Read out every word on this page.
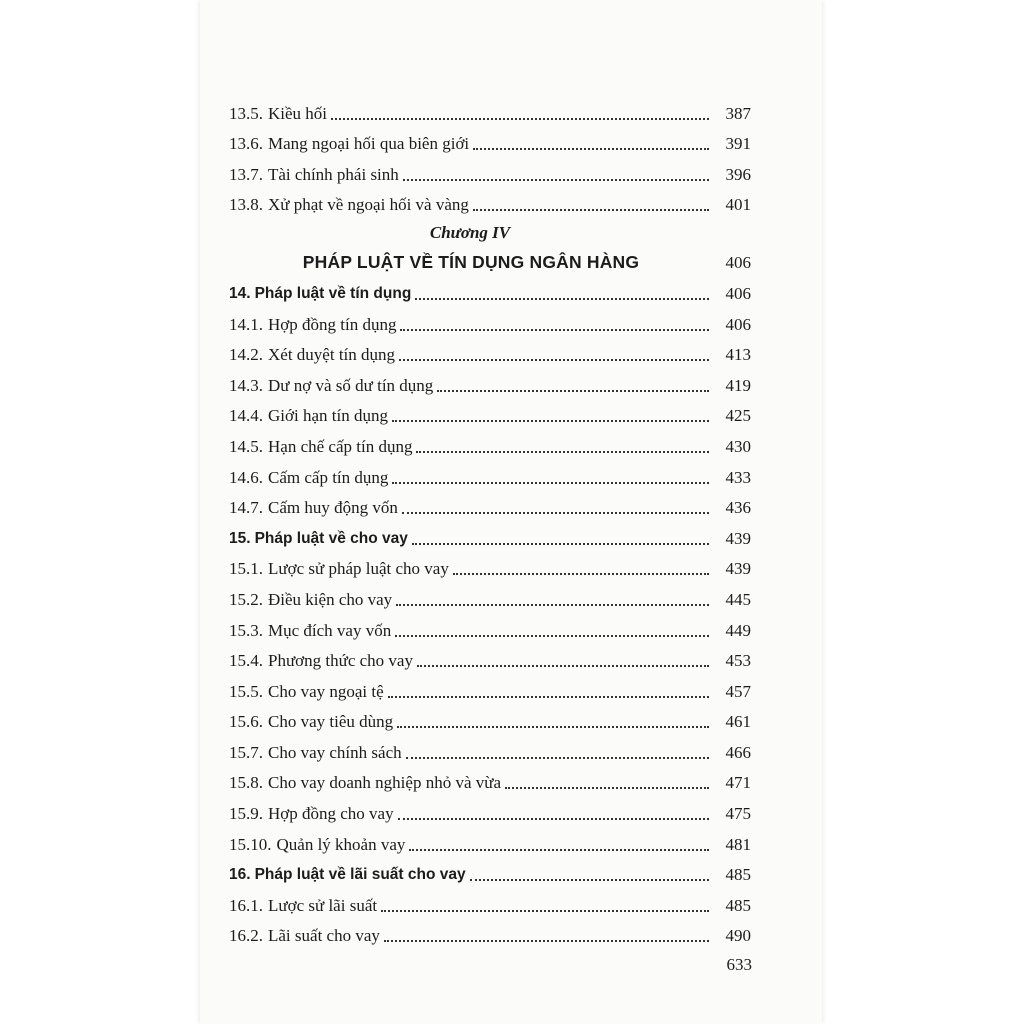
13.5. Kiều hối	387
13.6. Mang ngoại hối qua biên giới	391
13.7. Tài chính phái sinh	396
13.8. Xử phạt về ngoại hối và vàng	401
Chương IV
PHÁP LUẬT VỀ TÍN DỤNG NGÂN HÀNG	406
14. Pháp luật về tín dụng	406
14.1. Hợp đồng tín dụng	406
14.2. Xét duyệt tín dụng	413
14.3. Dư nợ và số dư tín dụng	419
14.4. Giới hạn tín dụng	425
14.5. Hạn chế cấp tín dụng	430
14.6. Cấm cấp tín dụng	433
14.7. Cấm huy động vốn	436
15. Pháp luật về cho vay	439
15.1. Lược sử pháp luật cho vay	439
15.2. Điều kiện cho vay	445
15.3. Mục đích vay vốn	449
15.4. Phương thức cho vay	453
15.5. Cho vay ngoại tệ	457
15.6. Cho vay tiêu dùng	461
15.7. Cho vay chính sách	466
15.8. Cho vay doanh nghiệp nhỏ và vừa	471
15.9. Hợp đồng cho vay	475
15.10. Quản lý khoản vay	481
16. Pháp luật về lãi suất cho vay	485
16.1. Lược sử lãi suất	485
16.2. Lãi suất cho vay	490
633
